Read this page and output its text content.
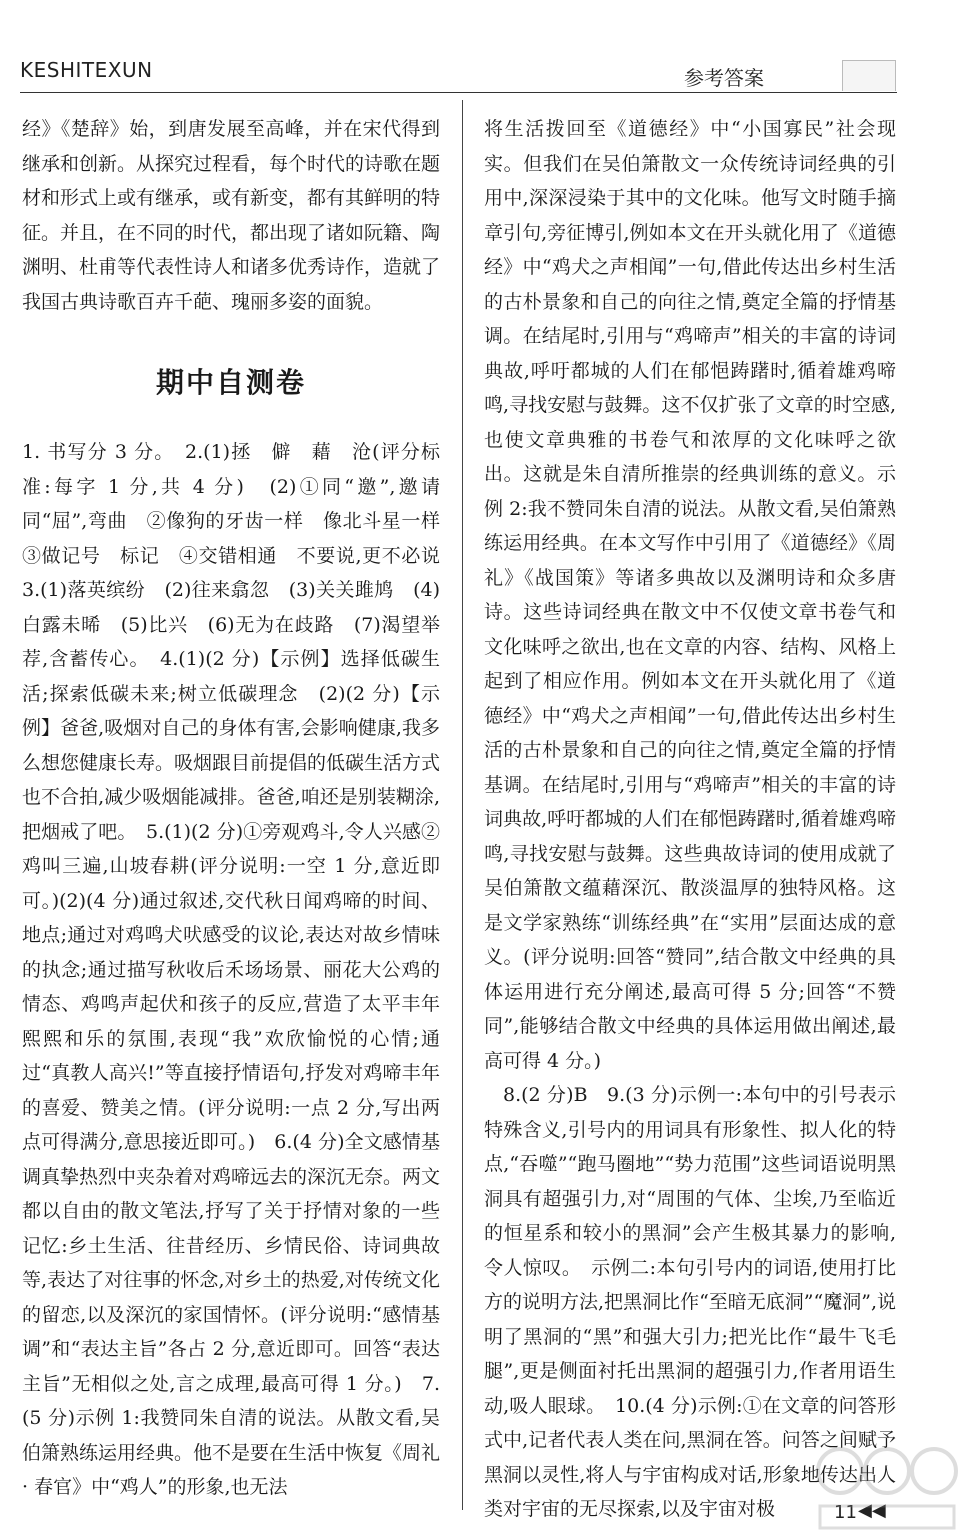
KESHITEXUN	参考答案

经》《楚辞》始，到唐发展至高峰，并在宋代得到继承和创新。从探究过程看，每个时代的诗歌在题材和形式上或有继承，或有新变，都有其鲜明的特征。并且，在不同的时代，都出现了诸如阮籍、陶渊明、杜甫等代表性诗人和诸多优秀诗作，造就了我国古典诗歌百卉千葩、瑰丽多姿的面貌。

期中自测卷

1. 书写分 3 分。　2.(1)拯　僻　藉　沧(评分标准:每字 1 分,共 4 分)　(2)①同“邀”,邀请　同“屈”,弯曲　②像狗的牙齿一样　像北斗星一样　③做记号　标记　④交错相通　不要说,更不必说　3.(1)落英缤纷　(2)往来翕忽　(3)关关雎鸠　(4)白露未晞　(5)比兴　(6)无为在歧路　(7)渴望举荐,含蓄传心。　4.(1)(2 分)【示例】选择低碳生活;探索低碳未来;树立低碳理念　(2)(2 分)【示例】爸爸,吸烟对自己的身体有害,会影响健康,我多么想您健康长寿。吸烟跟目前提倡的低碳生活方式也不合拍,减少吸烟能减排。爸爸,咱还是别装糊涂,把烟戒了吧。　5.(1)(2 分)①旁观鸡斗,令人兴感②鸡叫三遍,山坡春耕(评分说明:一空 1 分,意近即可。)(2)(4 分)通过叙述,交代秋日闻鸡啼的时间、地点;通过对鸡鸣犬吠感受的议论,表达对故乡情味的执念;通过描写秋收后禾场场景、丽花大公鸡的情态、鸡鸣声起伏和孩子的反应,营造了太平丰年熙熙和乐的氛围,表现“我”欢欣愉悦的心情;通过“真教人高兴!”等直接抒情语句,抒发对鸡啼丰年的喜爱、赞美之情。(评分说明:一点 2 分,写出两点可得满分,意思接近即可。)　6.(4 分)全文感情基调真挚热烈中夹杂着对鸡啼远去的深沉无奈。两文都以自由的散文笔法,抒写了关于抒情对象的一些记忆:乡土生活、往昔经历、乡情民俗、诗词典故等,表达了对往事的怀念,对乡土的热爱,对传统文化的留恋,以及深沉的家国情怀。(评分说明:“感情基调”和“表达主旨”各占 2 分,意近即可。回答“表达主旨”无相似之处,言之成理,最高可得 1 分。)　7.(5 分)示例 1:我赞同朱自清的说法。从散文看,吴伯箫熟练运用经典。他不是要在生活中恢复《周礼 · 春官》中“鸡人”的形象,也无法

将生活拨回至《道德经》中“小国寡民”社会现实。但我们在吴伯箫散文一众传统诗词经典的引用中,深深浸染于其中的文化味。他写文时随手摘章引句,旁征博引,例如本文在开头就化用了《道德经》中“鸡犬之声相闻”一句,借此传达出乡村生活的古朴景象和自己的向往之情,奠定全篇的抒情基调。在结尾时,引用与“鸡啼声”相关的丰富的诗词典故,呼吁都城的人们在郁悒踌躇时,循着雄鸡啼鸣,寻找安慰与鼓舞。这不仅扩张了文章的时空感,也使文章典雅的书卷气和浓厚的文化味呼之欲出。这就是朱自清所推崇的经典训练的意义。示例 2:我不赞同朱自清的说法。从散文看,吴伯箫熟练运用经典。在本文写作中引用了《道德经》《周礼》《战国策》等诸多典故以及渊明诗和众多唐诗。这些诗词经典在散文中不仅使文章书卷气和文化味呼之欲出,也在文章的内容、结构、风格上起到了相应作用。例如本文在开头就化用了《道德经》中“鸡犬之声相闻”一句,借此传达出乡村生活的古朴景象和自己的向往之情,奠定全篇的抒情基调。在结尾时,引用与“鸡啼声”相关的丰富的诗词典故,呼吁都城的人们在郁悒踌躇时,循着雄鸡啼鸣,寻找安慰与鼓舞。这些典故诗词的使用成就了吴伯箫散文蕴藉深沉、散淡温厚的独特风格。这是文学家熟练“训练经典”在“实用”层面达成的意义。(评分说明:回答“赞同”,结合散文中经典的具体运用进行充分阐述,最高可得 5 分;回答“不赞同”,能够结合散文中经典的具体运用做出阐述,最高可得 4 分。)

8.(2 分)B　9.(3 分)示例一:本句中的引号表示特殊含义,引号内的用词具有形象性、拟人化的特点,“吞噬”“跑马圈地”“势力范围”这些词语说明黑洞具有超强引力,对“周围的气体、尘埃,乃至临近的恒星系和较小的黑洞”会产生极其暴力的影响,令人惊叹。　示例二:本句引号内的词语,使用打比方的说明方法,把黑洞比作“至暗无底洞”“魔洞”,说明了黑洞的“黑”和强大引力;把光比作“最牛飞毛腿”,更是侧面衬托出黑洞的超强引力,作者用语生动,吸人眼球。　10.(4 分)示例:①在文章的问答形式中,记者代表人类在问,黑洞在答。问答之间赋予黑洞以灵性,将人与宇宙构成对话,形象地传达出人类对宇宙的无尽探索,以及宇宙对极	11 ◀◀
